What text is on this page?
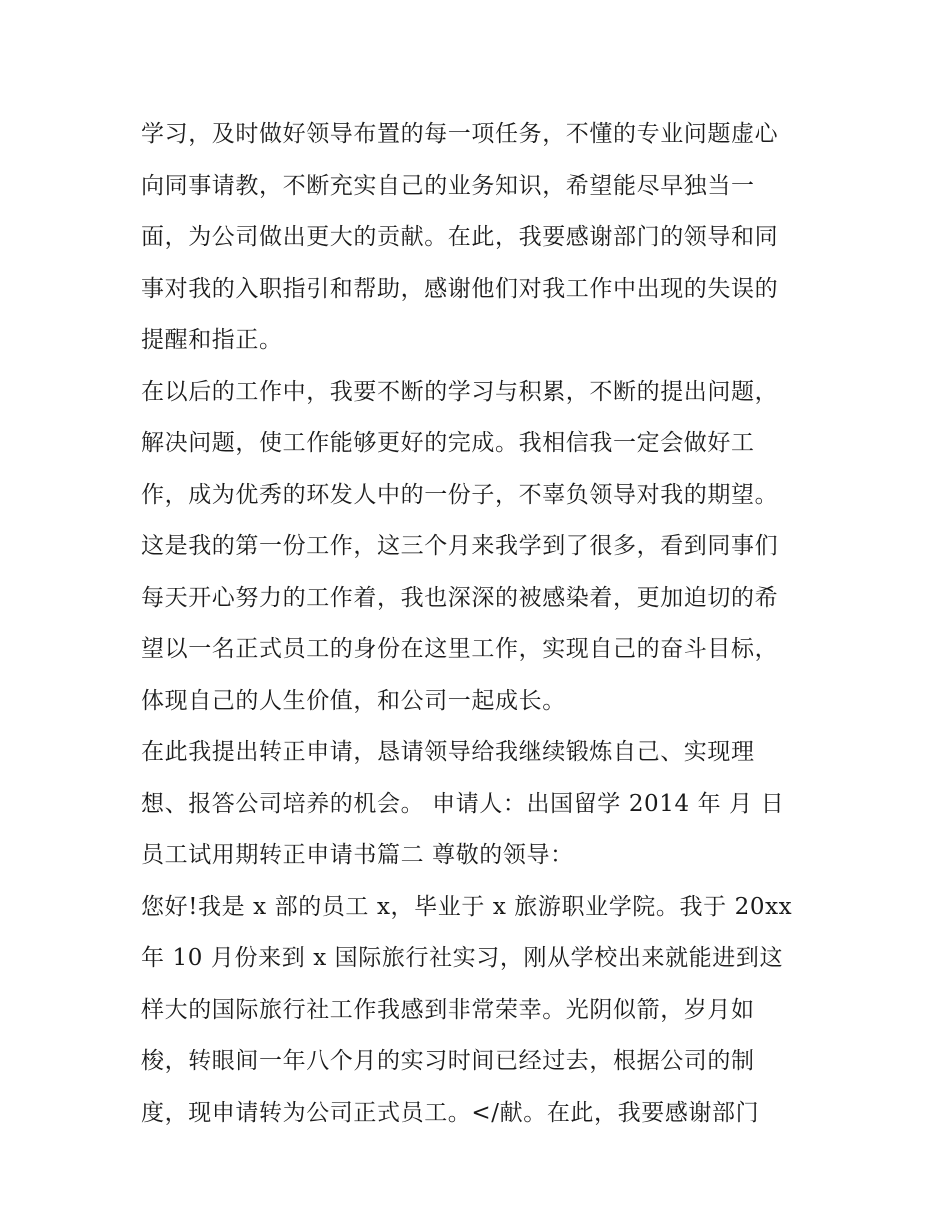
学习，及时做好领导布置的每一项任务，不懂的专业问题虚心
向同事请教，不断充实自己的业务知识，希望能尽早独当一
面，为公司做出更大的贡献。在此，我要感谢部门的领导和同
事对我的入职指引和帮助，感谢他们对我工作中出现的失误的
提醒和指正。
在以后的工作中，我要不断的学习与积累，不断的提出问题，
解决问题，使工作能够更好的完成。我相信我一定会做好工
作，成为优秀的环发人中的一份子，不辜负领导对我的期望。
这是我的第一份工作，这三个月来我学到了很多，看到同事们
每天开心努力的工作着，我也深深的被感染着，更加迫切的希
望以一名正式员工的身份在这里工作，实现自己的奋斗目标，
体现自己的人生价值，和公司一起成长。
在此我提出转正申请，恳请领导给我继续锻炼自己、实现理
想、报答公司培养的机会。 申请人：出国留学 2014 年 月 日
员工试用期转正申请书篇二 尊敬的领导：
您好!我是 x 部的员工 x，毕业于 x 旅游职业学院。我于 20xx
年 10 月份来到 x 国际旅行社实习，刚从学校出来就能进到这
样大的国际旅行社工作我感到非常荣幸。光阴似箭，岁月如
梭，转眼间一年八个月的实习时间已经过去，根据公司的制
度，现申请转为公司正式员工。</献。在此，我要感谢部门
